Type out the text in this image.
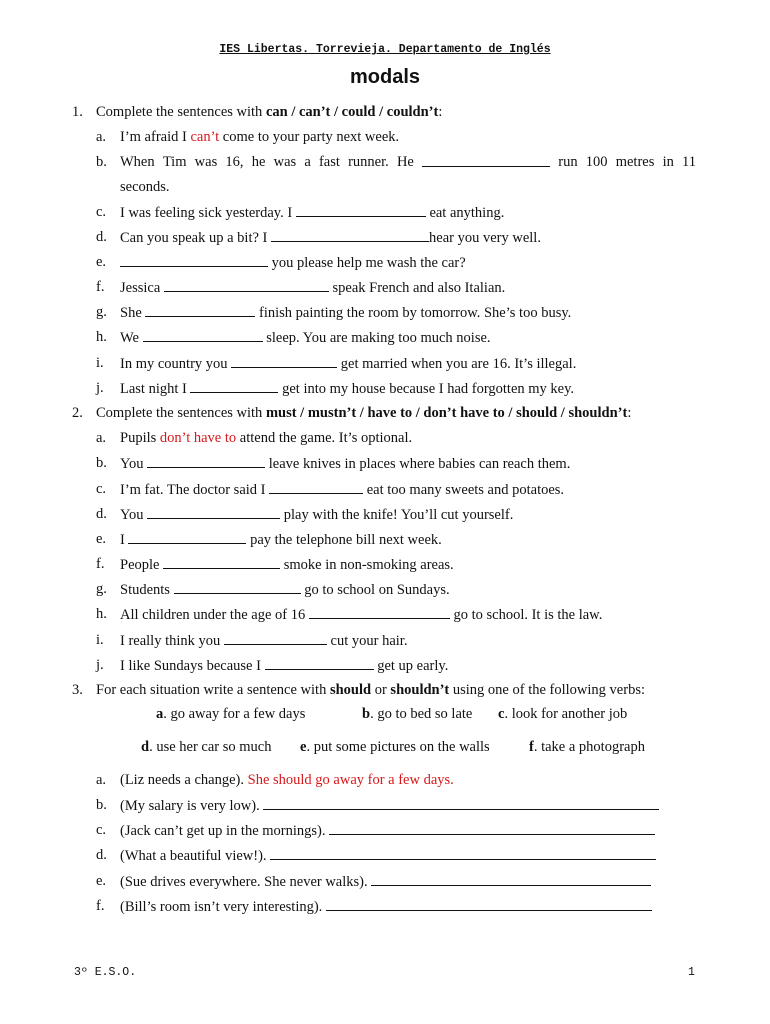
IES Libertas. Torrevieja. Departamento de Inglés
modals
1. Complete the sentences with can / can’t / could / couldn’t:
a. I’m afraid I can’t come to your party next week.
b. When Tim was 16, he was a fast runner. He	run 100 metres in 11
seconds.
c. I was feeling sick yesterday. I	eat anything.
d. Can you speak up a bit? I	hear you very well.
e.	you please help me wash the car?
f. Jessica	speak French and also Italian.
g. She	finish painting the room by tomorrow. She’s too busy.
h. We	sleep. You are making too much noise.
i. In my country you	get married when you are 16. It’s illegal.
j. Last night I	get into my house because I had forgotten my key.
2. Complete the sentences with must / mustn’t / have to / don’t have to / should / shouldn’t:
a. Pupils don’t have to attend the game. It’s optional.
b. You	leave knives in places where babies can reach them.
c. I’m fat. The doctor said I	eat too many sweets and potatoes.
d. You	play with the knife! You’ll cut yourself.
e. I	pay the telephone bill next week.
f. People	smoke in non-smoking areas.
g. Students	go to school on Sundays.
h. All children under the age of 16	go to school. It is the law.
i. I really think you	cut your hair.
j. I like Sundays because I	get up early.
3. For each situation write a sentence with should or shouldn’t using one of the following verbs:
a. go away for a few days	b. go to bed so late c. look for another job
d. use her car so much e. put some pictures on the walls	f. take a photograph
a. (Liz needs a change). She should go away for a few days.
b. (My salary is very low).
c. (Jack can’t get up in the mornings).
d. (What a beautiful view!).
e. (Sue drives everywhere. She never walks).
f. (Bill’s room isn’t very interesting).
3º E.S.O.	1
